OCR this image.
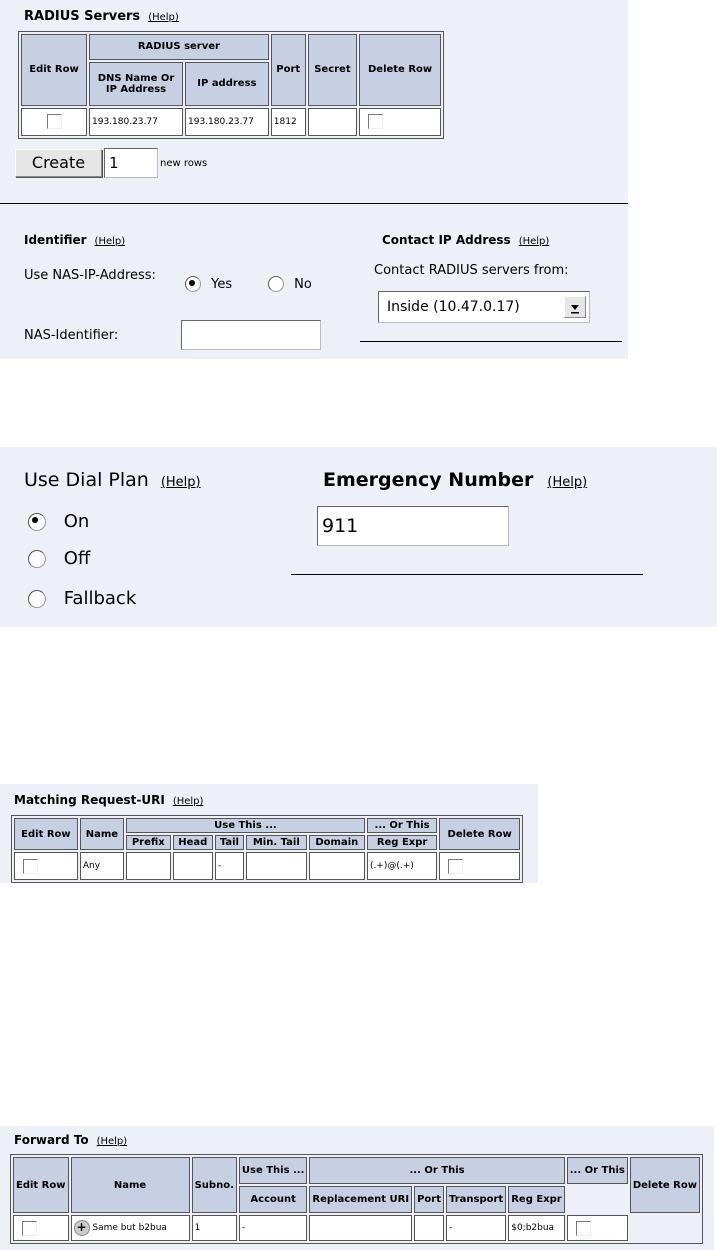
RADIUS Servers (Help)
Edit Row	RADIUS server		Port	Secret	Delete Row
	DNS Name Or IP Address	IP address			
	193.180.23.77	193.180.23.77	1812		
Create	1	new rows
Identifier (Help)
Use NAS-IP-Address:
Yes	No
NAS-Identifier:
Contact IP Address (Help)
Contact RADIUS servers from:
Inside (10.47.0.17)
Use Dial Plan (Help)
On
Off
Fallback
Emergency Number (Help)
911
Matching Request-URI (Help)
Edit Row	Name	Use This ...					... Or This	Delete Row
		Prefix	Head	Tail	Min. Tail	Domain	Reg Expr	
	Any			-			(.+)@(.+)	
Forward To (Help)
Edit Row	Name	Subno.	Use This ...	... Or This				... Or This	Delete Row
			Account	Replacement URI	Port	Transport	Reg Expr		
	+ Same but b2bua	1	-			-	$0;b2bua		
